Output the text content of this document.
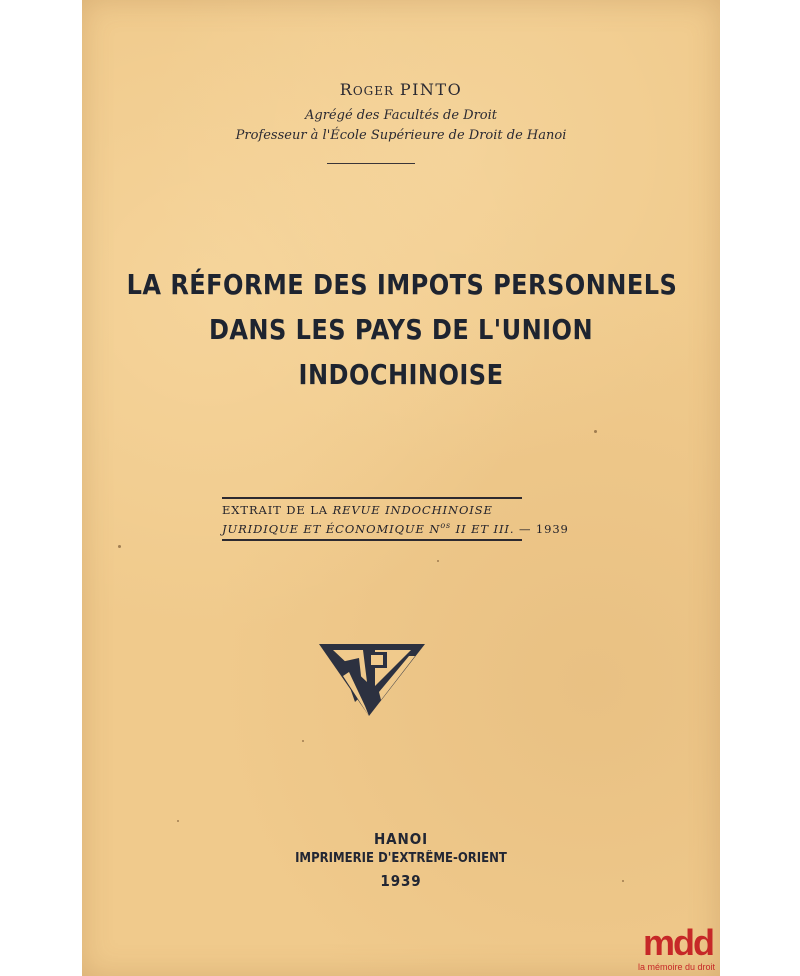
ROGER PINTO
Agrégé des Facultés de Droit
Professeur à l'École Supérieure de Droit de Hanoi
LA RÉFORME DES IMPOTS PERSONNELS
DANS LES PAYS DE L'UNION
INDOCHINOISE
EXTRAIT DE LA REVUE INDOCHINOISE
JURIDIQUE ET ÉCONOMIQUE $N^{os}$ II ET III. — 1939
HANOI
IMPRIMERIE D'EXTRÊME-ORIENT
1939
mdd
la mémoire du droit
